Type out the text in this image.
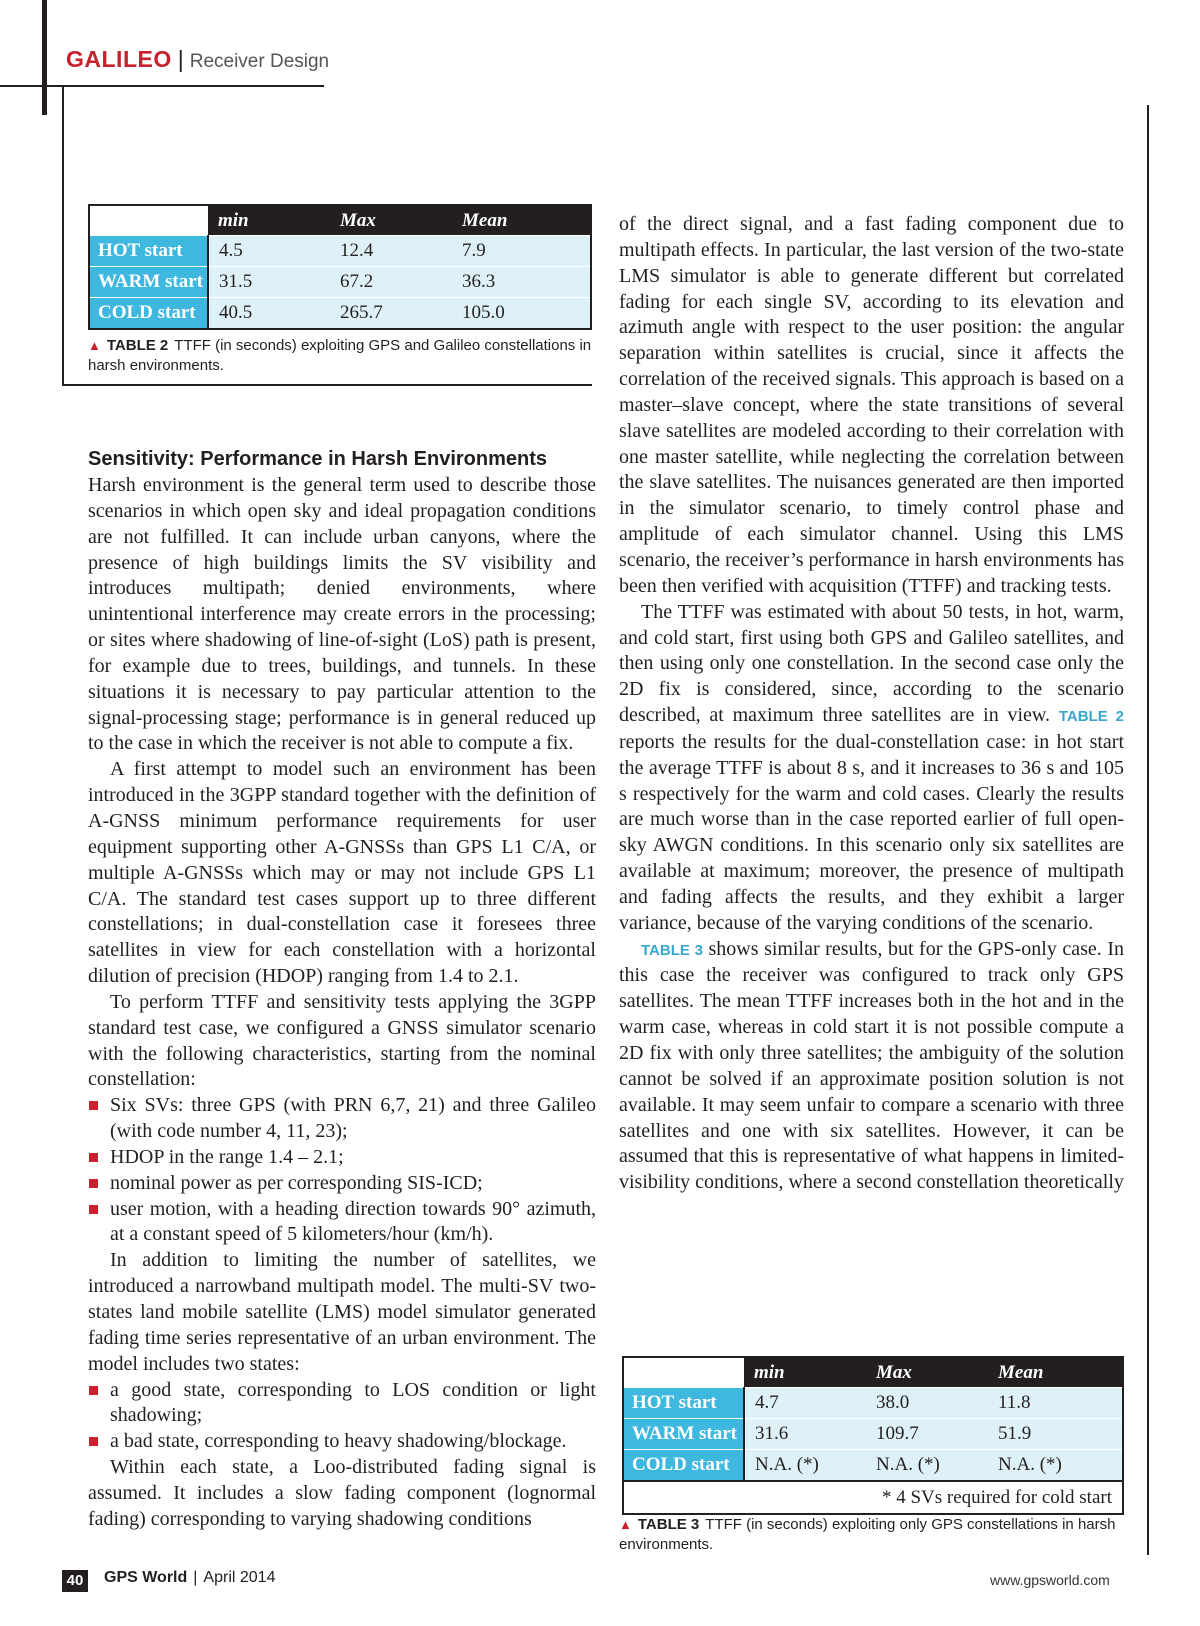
GALILEO | Receiver Design
	min	Max	Mean
HOT start	4.5	12.4	7.9
WARM start	31.5	67.2	36.3
COLD start	40.5	265.7	105.0
▲ TABLE 2 TTFF (in seconds) exploiting GPS and Galileo constellations in harsh environments.
Sensitivity: Performance in Harsh Environments

Harsh environment is the general term used to describe those scenarios in which open sky and ideal propagation conditions are not fulfilled. It can include urban canyons, where the presence of high buildings limits the SV visibility and introduces multipath; denied environments, where unintentional interference may create errors in the processing; or sites where shadowing of line-of-sight (LoS) path is present, for example due to trees, buildings, and tunnels. In these situations it is necessary to pay particular attention to the signal-processing stage; performance is in general reduced up to the case in which the receiver is not able to compute a fix.

A first attempt to model such an environment has been introduced in the 3GPP standard together with the definition of A-GNSS minimum performance requirements for user equipment supporting other A-GNSSs than GPS L1 C/A, or multiple A-GNSSs which may or may not include GPS L1 C/A. The standard test cases support up to three different constellations; in dual-constellation case it foresees three satellites in view for each constellation with a horizontal dilution of precision (HDOP) ranging from 1.4 to 2.1.

To perform TTFF and sensitivity tests applying the 3GPP standard test case, we configured a GNSS simulator scenario with the following characteristics, starting from the nominal constellation:

Six SVs: three GPS (with PRN 6,7, 21) and three Galileo (with code number 4, 11, 23);
HDOP in the range 1.4 – 2.1;
nominal power as per corresponding SIS-ICD;
user motion, with a heading direction towards 90° azimuth, at a constant speed of 5 kilometers/hour (km/h).

In addition to limiting the number of satellites, we introduced a narrowband multipath model. The multi-SV two-states land mobile satellite (LMS) model simulator generated fading time series representative of an urban environment. The model includes two states:

a good state, corresponding to LOS condition or light shadowing;
a bad state, corresponding to heavy shadowing/blockage.

Within each state, a Loo-distributed fading signal is assumed. It includes a slow fading component (lognormal fading) corresponding to varying shadowing conditions

of the direct signal, and a fast fading component due to multipath effects. In particular, the last version of the two-state LMS simulator is able to generate different but correlated fading for each single SV, according to its elevation and azimuth angle with respect to the user position: the angular separation within satellites is crucial, since it affects the correlation of the received signals. This approach is based on a master–slave concept, where the state transitions of several slave satellites are modeled according to their correlation with one master satellite, while neglecting the correlation between the slave satellites. The nuisances generated are then imported in the simulator scenario, to timely control phase and amplitude of each simulator channel. Using this LMS scenario, the receiver’s performance in harsh environments has been then verified with acquisition (TTFF) and tracking tests.

The TTFF was estimated with about 50 tests, in hot, warm, and cold start, first using both GPS and Galileo satellites, and then using only one constellation. In the second case only the 2D fix is considered, since, according to the scenario described, at maximum three satellites are in view. TABLE 2 reports the results for the dual-constellation case: in hot start the average TTFF is about 8 s, and it increases to 36 s and 105 s respectively for the warm and cold cases. Clearly the results are much worse than in the case reported earlier of full open-sky AWGN conditions. In this scenario only six satellites are available at maximum; moreover, the presence of multipath and fading affects the results, and they exhibit a larger variance, because of the varying conditions of the scenario.

TABLE 3 shows similar results, but for the GPS-only case. In this case the receiver was configured to track only GPS satellites. The mean TTFF increases both in the hot and in the warm case, whereas in cold start it is not possible compute a 2D fix with only three satellites; the ambiguity of the solution cannot be solved if an approximate position solution is not available. It may seem unfair to compare a scenario with three satellites and one with six satellites. However, it can be assumed that this is representative of what happens in limited-visibility conditions, where a second constellation theoretically

	min	Max	Mean
HOT start	4.7	38.0	11.8
WARM start	31.6	109.7	51.9
COLD start	N.A. (*)	N.A. (*)	N.A. (*)
* 4 SVs required for cold start			
▲ TABLE 3 TTFF (in seconds) exploiting only GPS constellations in harsh environments.
40 GPS World | April 2014	www.gpsworld.com
